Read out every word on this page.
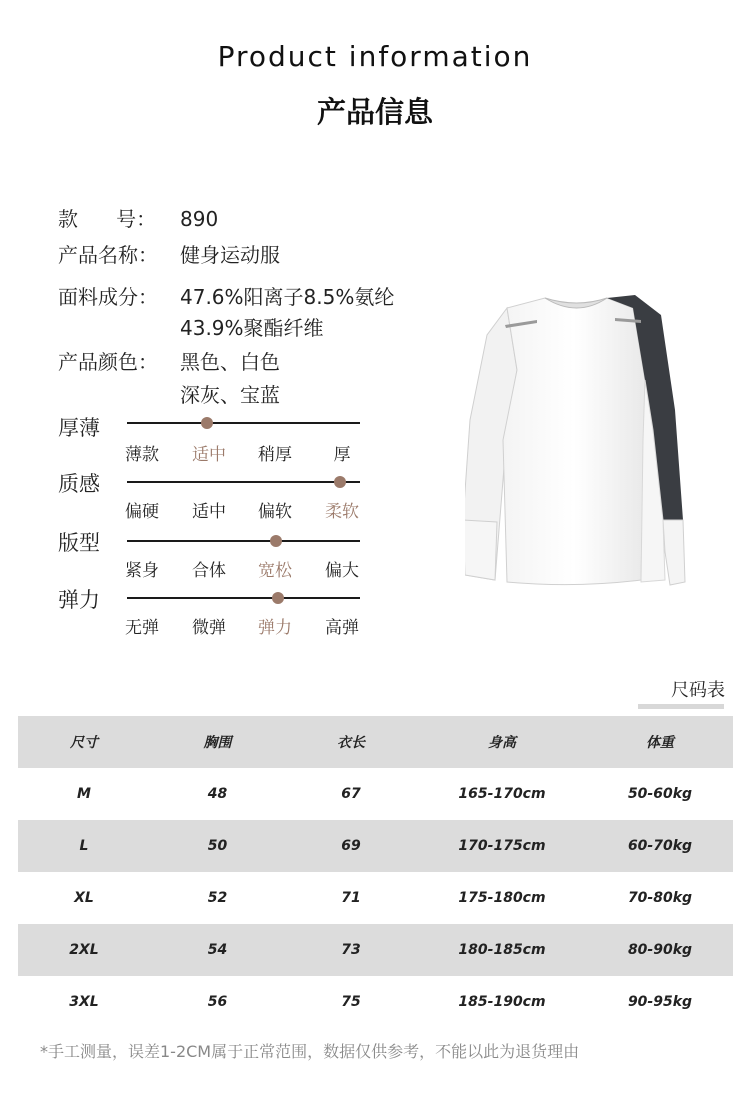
Product information
产品信息
款      号： 890
产品名称： 健身运动服
面料成分： 47.6%阳离子8.5%氨纶
43.9%聚酯纤维
产品颜色： 黑色、白色
深灰、宝蓝
厚薄
薄款	适中	稍厚	厚
质感
偏硬	适中	偏软	柔软
版型
紧身	合体	宽松	偏大
弹力
无弹	微弹	弹力	高弹
尺码表
尺寸	胸围	衣长	身高	体重
M	48	67	165-170cm	50-60kg
L	50	69	170-175cm	60-70kg
XL	52	71	175-180cm	70-80kg
2XL	54	73	180-185cm	80-90kg
3XL	56	75	185-190cm	90-95kg
*手工测量，误差1-2CM属于正常范围，数据仅供参考，不能以此为退货理由
